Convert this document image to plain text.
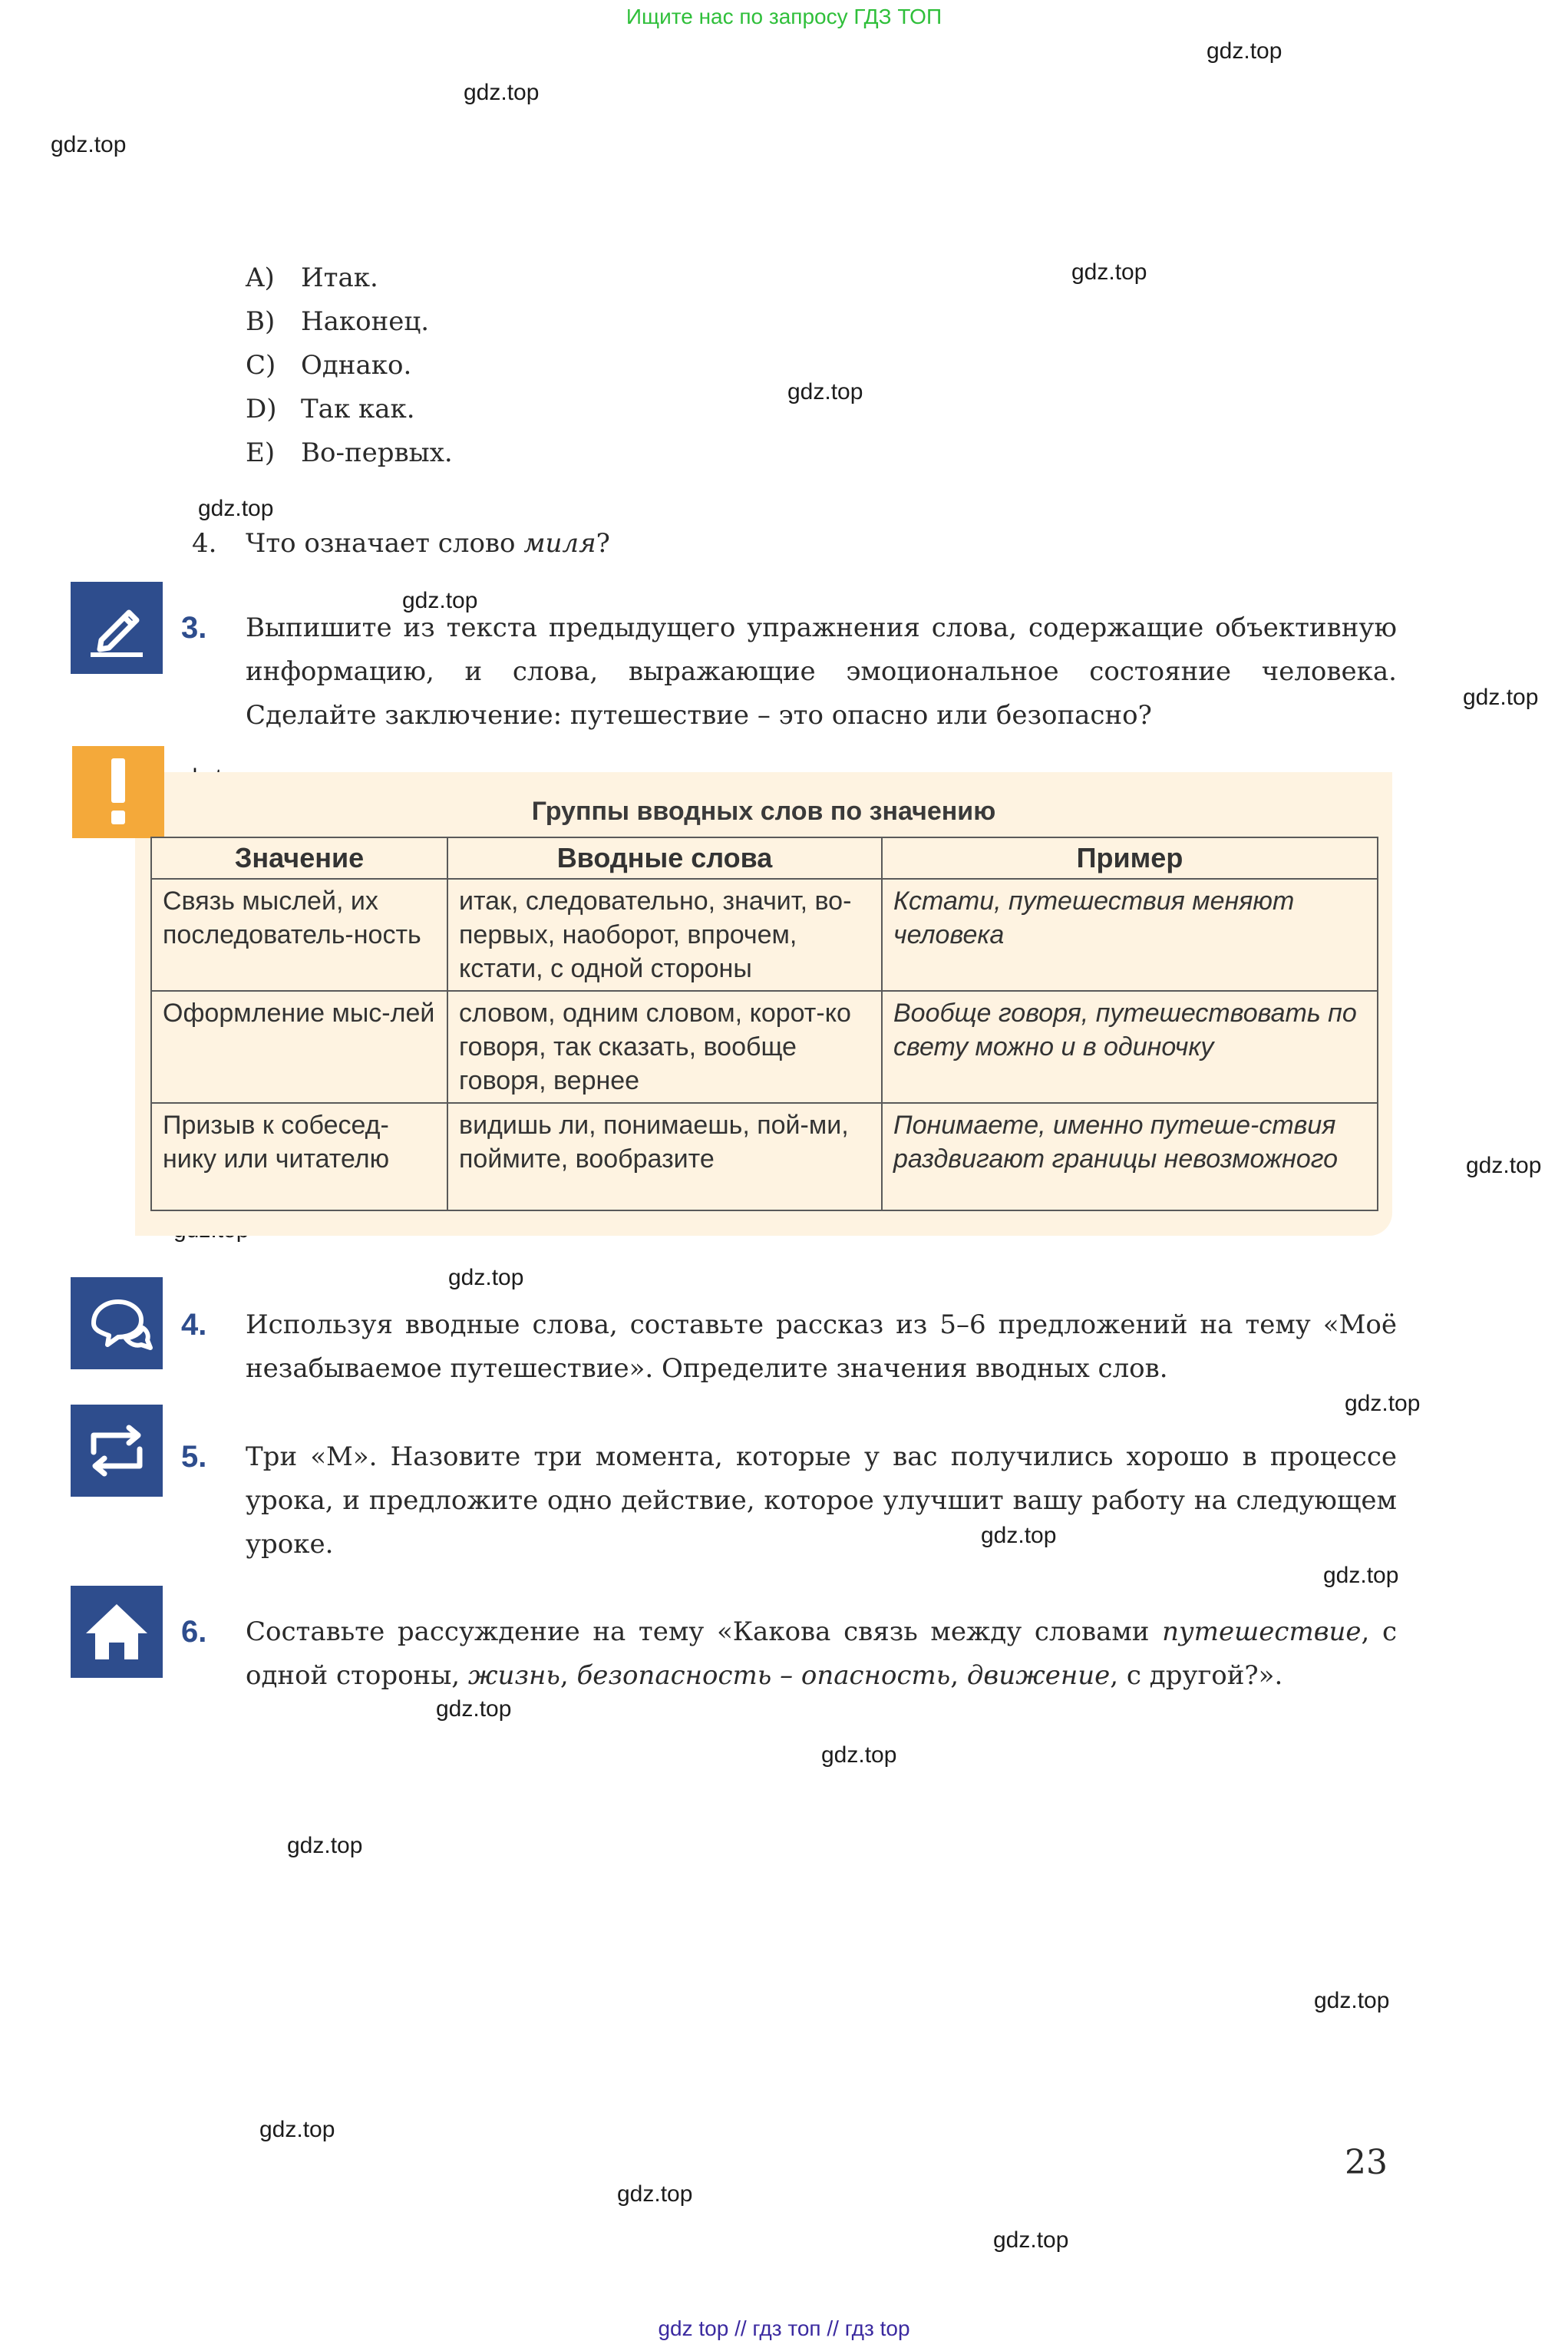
Ищите нас по запросу ГДЗ ТОП
gdz.top
gdz.top
gdz.top
gdz.top
gdz.top
gdz.top
gdz.top
gdz.top
gdz.top
gdz.top
gdz.top
gdz.top
gdz.top
gdz.top
gdz.top
gdz.top
gdz.top
gdz.top
gdz.top
gdz.top
A) Итак.
B) Наконец.
C) Однако.
D) Так как.
E) Во-первых.
4. Что означает слово миля?
3. Выпишите из текста предыдущего упражнения слова, содержащие объективную информацию, и слова, выражающие эмоциональное состояние человека. Сделайте заключение: путешествие – это опасно или безопасно?
Группы вводных слов по значению
Значение	Вводные слова	Пример
Связь мыслей, их последователь-ность	итак, следовательно, значит, во-первых, наоборот, впрочем, кстати, с одной стороны	Кстати, путешествия меняют человека
Оформление мыс-лей	словом, одним словом, корот-ко говоря, так сказать, вообще говоря, вернее	Вообще говоря, путешествовать по свету можно и в одиночку
Призыв к собесед-нику или читателю	видишь ли, понимаешь, пой-ми, поймите, вообразите	Понимаете, именно путеше-ствия раздвигают границы невозможного
4. Используя вводные слова, составьте рассказ из 5–6 предложений на тему «Моё незабываемое путешествие». Определите значения вводных слов.
5. Три «М». Назовите три момента, которые у вас получились хорошо в процессе урока, и предложите одно действие, которое улучшит вашу работу на следующем уроке.
6. Составьте рассуждение на тему «Какова связь между словами путешествие, с одной стороны, жизнь, безопасность – опасность, движение, с другой?».
23
gdz top // гдз топ // гдз top
